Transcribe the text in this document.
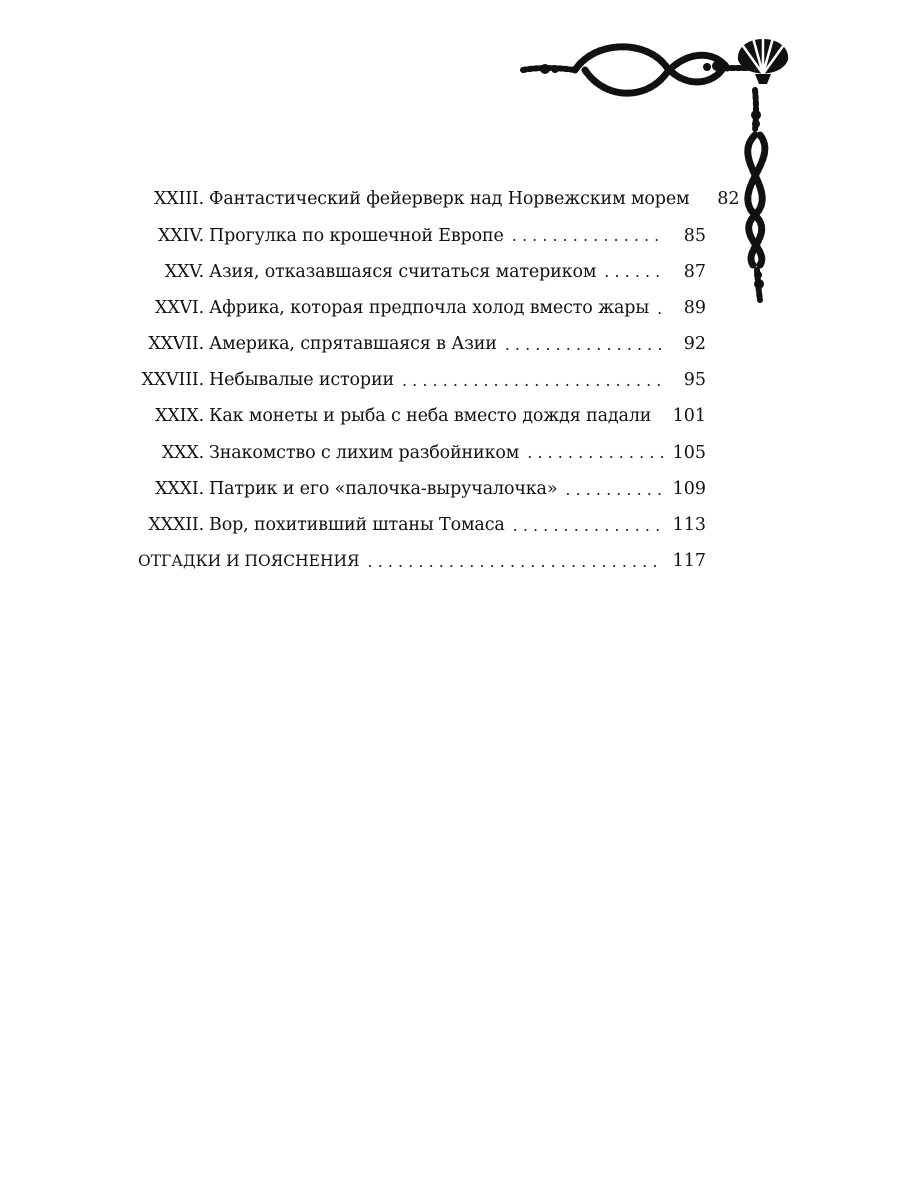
XXIII. Фантастический фейерверк над Норвежским морем	82
XXIV. Прогулка по крошечной Европе . . .	85
XXV. Азия, отказавшаяся считаться материком . . .	87
XXVI. Африка, которая предпочла холод вместо жары . . .	89
XXVII. Америка, спрятавшаяся в Азии . . .	92
XXVIII. Небывалые истории . . .	95
XXIX. Как монеты и рыба с неба вместо дождя падали 101
XXX. Знакомство с лихим разбойником . . .	105
XXXI. Патрик и его «палочка-выручалочка» . . .	109
XXXII. Вор, похитивший штаны Томаса . . .	113
ОТГАДКИ И ПОЯСНЕНИЯ . . .	117
